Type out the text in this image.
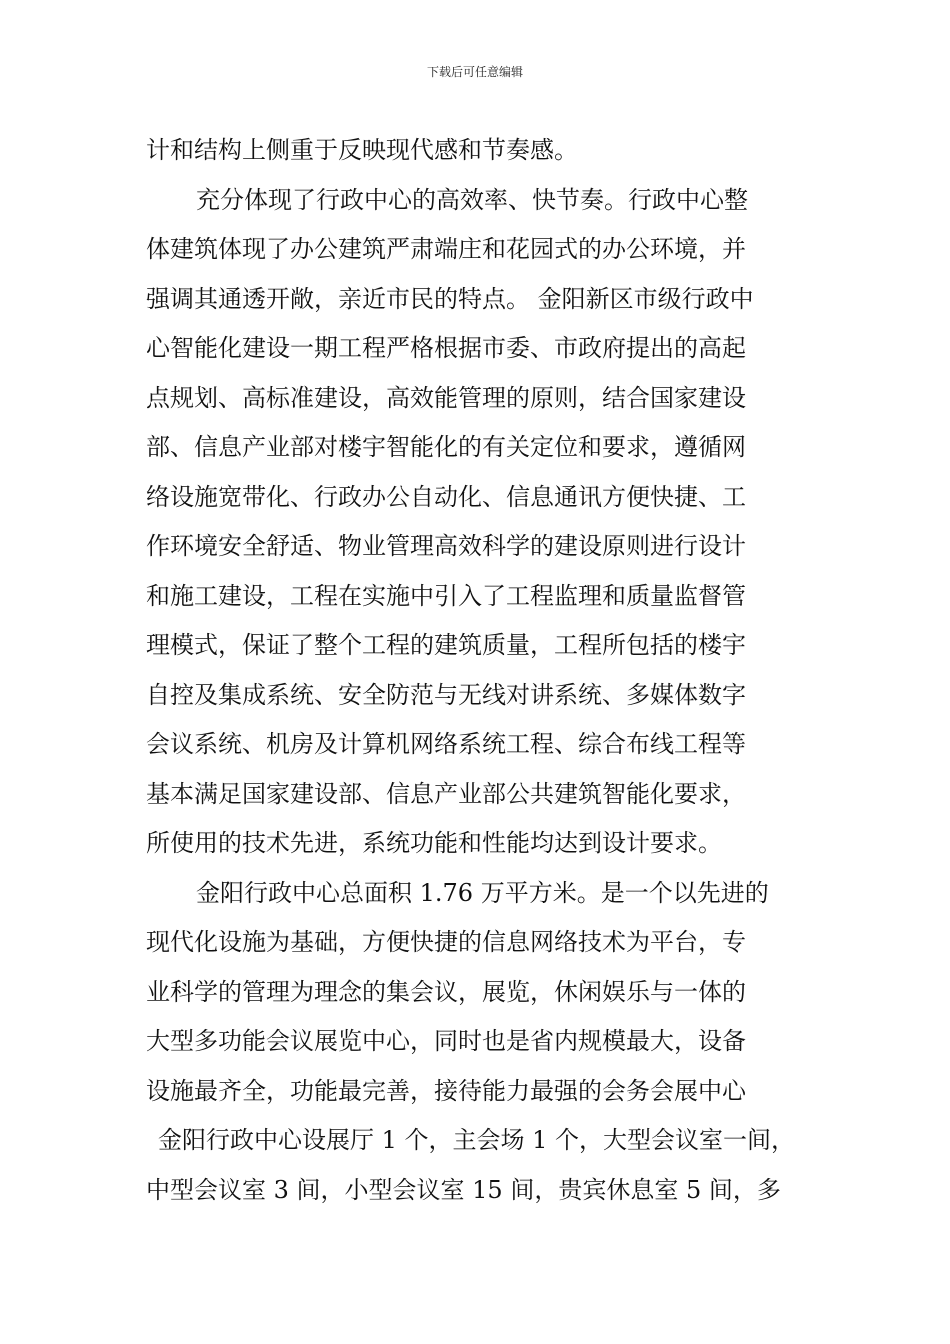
下载后可任意编辑
计和结构上侧重于反映现代感和节奏感。
充分体现了行政中心的高效率、快节奏。行政中心整
体建筑体现了办公建筑严肃端庄和花园式的办公环境，并
强调其通透开敞，亲近市民的特点。 金阳新区市级行政中
心智能化建设一期工程严格根据市委、市政府提出的高起
点规划、高标准建设，高效能管理的原则，结合国家建设
部、信息产业部对楼宇智能化的有关定位和要求，遵循网
络设施宽带化、行政办公自动化、信息通讯方便快捷、工
作环境安全舒适、物业管理高效科学的建设原则进行设计
和施工建设，工程在实施中引入了工程监理和质量监督管
理模式，保证了整个工程的建筑质量，工程所包括的楼宇
自控及集成系统、安全防范与无线对讲系统、多媒体数字
会议系统、机房及计算机网络系统工程、综合布线工程等
基本满足国家建设部、信息产业部公共建筑智能化要求，
所使用的技术先进，系统功能和性能均达到设计要求。
金阳行政中心总面积 1.76 万平方米。是一个以先进的
现代化设施为基础，方便快捷的信息网络技术为平台，专
业科学的管理为理念的集会议，展览，休闲娱乐与一体的
大型多功能会议展览中心，同时也是省内规模最大，设备
设施最齐全，功能最完善，接待能力最强的会务会展中心
金阳行政中心设展厅 1 个，主会场 1 个，大型会议室一间，
中型会议室 3 间，小型会议室 15 间，贵宾休息室 5 间，多
